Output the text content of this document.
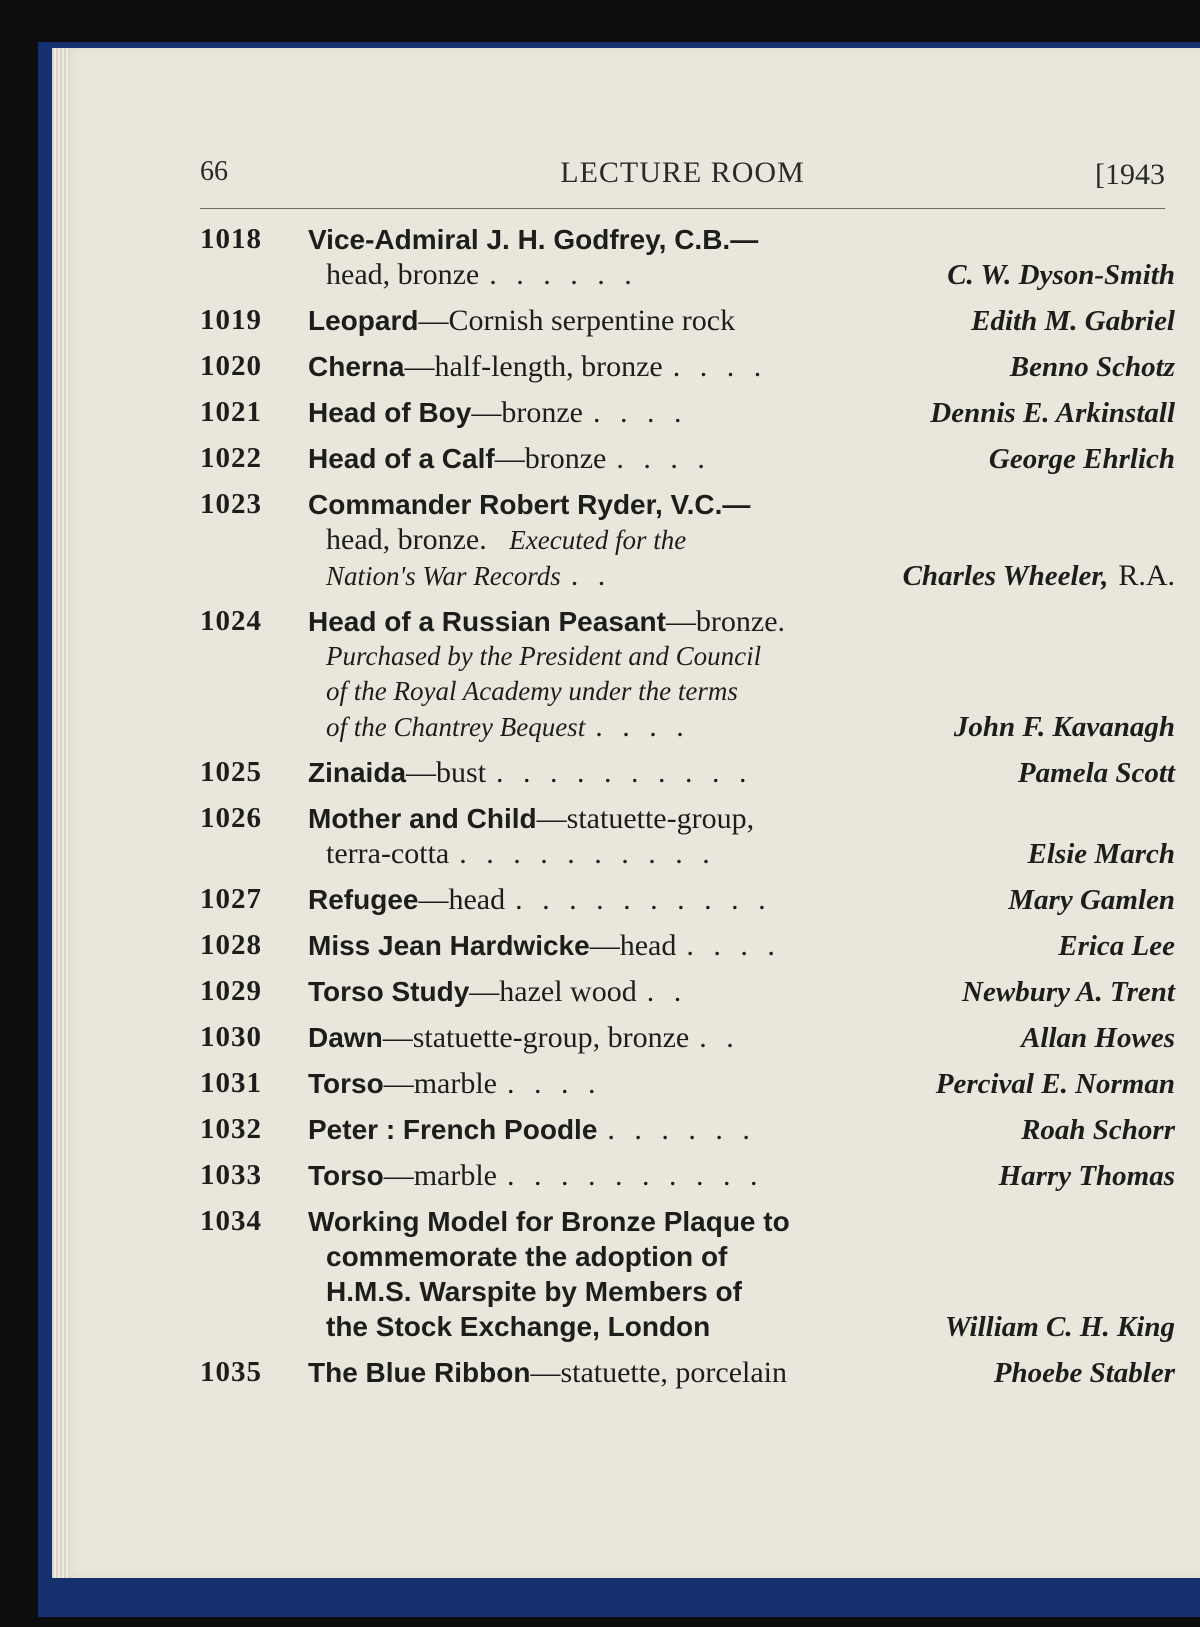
66	LECTURE ROOM	[1943
1018	Vice-Admiral J. H. Godfrey, C.B.—
head, bronze . . . . . .	C. W. Dyson-Smith
1019	Leopard —Cornish serpentine rock	Edith M. Gabriel
1020	Cherna —half-length, bronze . . . .	Benno Schotz
1021	Head of Boy —bronze . . . .	Dennis E. Arkinstall
1022	Head of a Calf —bronze . . . .	George Ehrlich
1023	Commander Robert Ryder, V.C.—
head, bronze.
Executed for the
Nation's War Records . .	Charles Wheeler, R.A.
1024	Head of a Russian Peasant —bronze.
Purchased by the President and Council
of the Royal Academy under the terms
of the Chantrey Bequest . . . .	John F. Kavanagh
1025	Zinaida —bust . . . . . . . . . .	Pamela Scott
1026	Mother and Child —statuette-group,
terra-cotta . . . . . . . . . .	Elsie March
1027	Refugee —head . . . . . . . . . .	Mary Gamlen
1028	Miss Jean Hardwicke —head . . . .	Erica Lee
1029	Torso Study —hazel wood . .	Newbury A. Trent
1030	Dawn —statuette-group, bronze . .	Allan Howes
1031	Torso —marble . . . .	Percival E. Norman
1032	Peter : French Poodle . . . . . .	Roah Schorr
1033	Torso —marble . . . . . . . . . .	Harry Thomas
1034	Working Model for Bronze Plaque to
commemorate the adoption of
H.M.S. Warspite by Members of
the Stock Exchange, London	William C. H. King
1035	The Blue Ribbon —statuette, porcelain	Phoebe Stabler
